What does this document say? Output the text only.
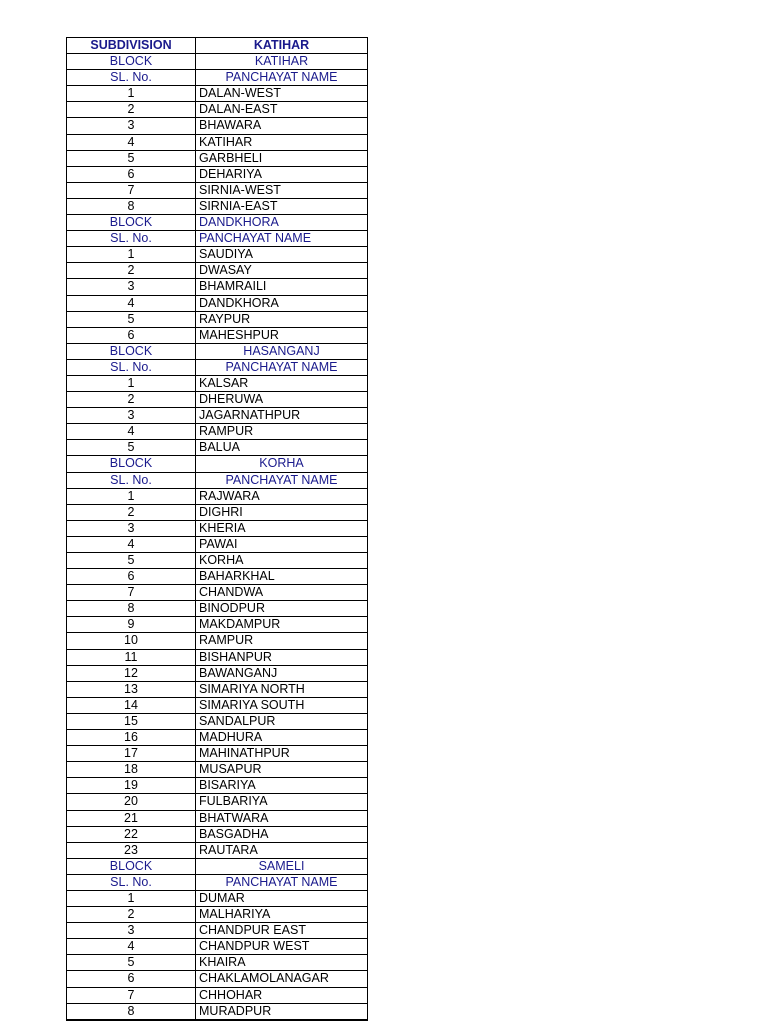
SUBDIVISION	KATIHAR
BLOCK	KATIHAR
SL. No.	PANCHAYAT NAME
1	DALAN-WEST
2	DALAN-EAST
3	BHAWARA
4	KATIHAR
5	GARBHELI
6	DEHARIYA
7	SIRNIA-WEST
8	SIRNIA-EAST
BLOCK	DANDKHORA
SL. No.	PANCHAYAT NAME
1	SAUDIYA
2	DWASAY
3	BHAMRAILI
4	DANDKHORA
5	RAYPUR
6	MAHESHPUR
BLOCK	HASANGANJ
SL. No.	PANCHAYAT NAME
1	KALSAR
2	DHERUWA
3	JAGARNATHPUR
4	RAMPUR
5	BALUA
BLOCK	KORHA
SL. No.	PANCHAYAT NAME
1	RAJWARA
2	DIGHRI
3	KHERIA
4	PAWAI
5	KORHA
6	BAHARKHAL
7	CHANDWA
8	BINODPUR
9	MAKDAMPUR
10	RAMPUR
11	BISHANPUR
12	BAWANGANJ
13	SIMARIYA NORTH
14	SIMARIYA SOUTH
15	SANDALPUR
16	MADHURA
17	MAHINATHPUR
18	MUSAPUR
19	BISARIYA
20	FULBARIYA
21	BHATWARA
22	BASGADHA
23	RAUTARA
BLOCK	SAMELI
SL. No.	PANCHAYAT NAME
1	DUMAR
2	MALHARIYA
3	CHANDPUR EAST
4	CHANDPUR WEST
5	KHAIRA
6	CHAKLAMOLANAGAR
7	CHHOHAR
8	MURADPUR
